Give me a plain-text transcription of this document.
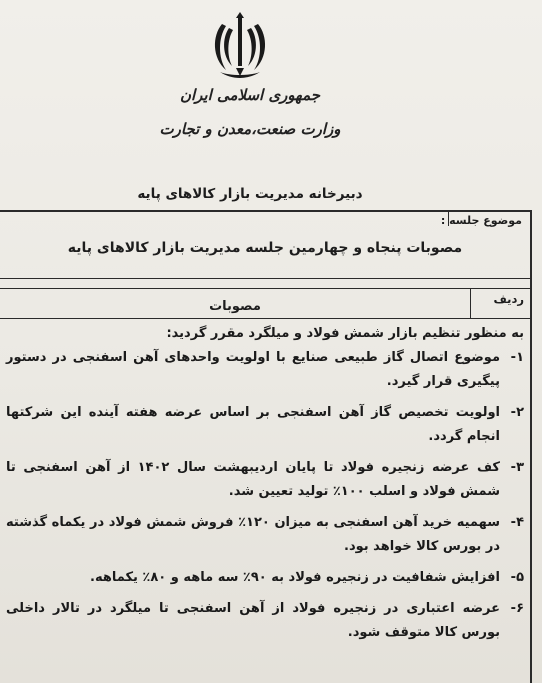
جمهوری اسلامی ایران
وزارت صنعت،معدن و تجارت
دبیرخانه مدیریت بازار کالاهای پایه
موضوع جلسه :
مصوبات پنجاه و چهارمین جلسه مدیریت بازار کالاهای پایه
ردیف
مصوبات

به منظور تنظیم بازار شمش فولاد و میلگرد مقرر گردید:

۱-
موضوع اتصال گاز طبیعی صنایع با اولویت واحدهای آهن اسفنجی در دستور پیگیری قرار گیرد.
۲-
اولویت تخصیص گاز آهن اسفنجی بر اساس عرضه هفته آینده این شرکتها انجام گردد.
۳-
کف عرضه زنجیره فولاد تا پایان اردیبهشت سال ۱۴۰۲ از آهن اسفنجی تا شمش فولاد و اسلب ۱۰۰٪ تولید تعیین شد.
۴-
سهمیه خرید آهن اسفنجی به میزان ۱۲۰٪ فروش شمش فولاد در یکماه گذشته در بورس کالا خواهد بود.
۵-
افزایش شفافیت در زنجیره فولاد به ۹۰٪ سه ماهه و ۸۰٪ یکماهه.
۶-
عرضه اعتباری در زنجیره فولاد از آهن اسفنجی تا میلگرد در تالار داخلی بورس کالا متوقف شود.
